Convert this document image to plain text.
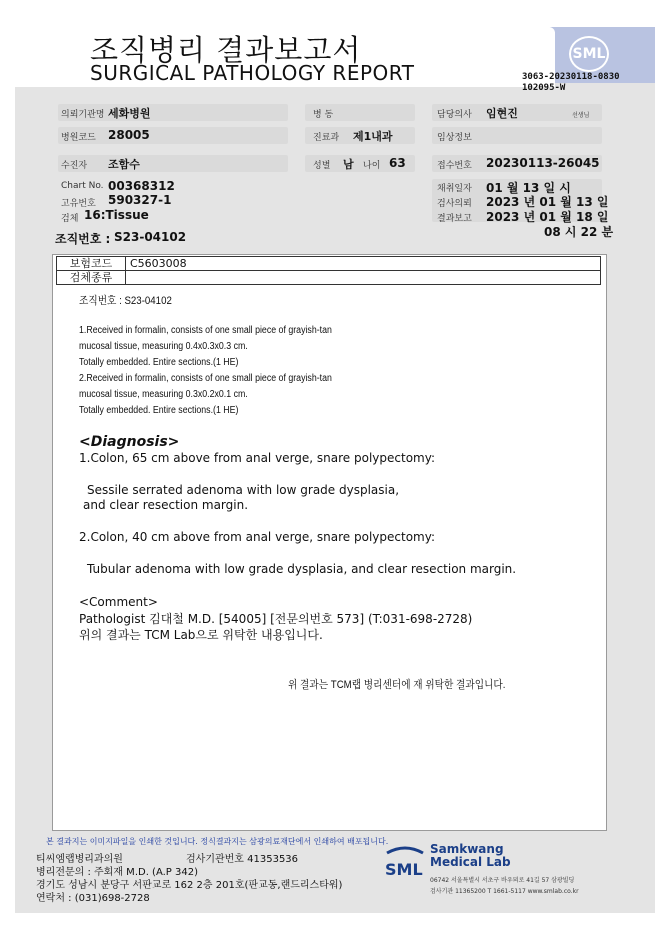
SML
조직병리 결과보고서
SURGICAL PATHOLOGY REPORT	3063-20230118-0830
102095-W
의뢰기관명 세화병원	병 동	담당의사 임현진	선생님
병원코드 28005	진료과 제1내과	임상정보
수진자 조함수	성별 남 나이 63	접수번호 20230113-26045
Chart No. 00368312
고유번호 590327-1
검체 16:Tissue
채취일자 01 월 13 일 시
검사의뢰 2023 년 01 월 13 일
결과보고 2023 년 01 월 18 일
08 시 22 분
조직번호 : S23-04102
보험코드	C5603008
검체종류	
조직번호 : S23-04102
1.Received in formalin, consists of one small piece of grayish-tan
mucosal tissue, measuring 0.4x0.3x0.3 cm.
Totally embedded. Entire sections.(1 HE)
2.Received in formalin, consists of one small piece of grayish-tan
mucosal tissue, measuring 0.3x0.2x0.1 cm.
Totally embedded. Entire sections.(1 HE)
<Diagnosis>
1.Colon, 65 cm above from anal verge, snare polypectomy:
Sessile serrated adenoma with low grade dysplasia,
and clear resection margin.
2.Colon, 40 cm above from anal verge, snare polypectomy:
Tubular adenoma with low grade dysplasia, and clear resection margin.
<Comment>
Pathologist 김대철 M.D. [54005] [전문의번호 573] (T:031-698-2728)
위의 결과는 TCM Lab으로 위탁한 내용입니다.
위 결과는 TCM랩 병리센터에 재 위탁한 결과입니다.
본 결과지는 이미지파일을 인쇄한 것입니다. 정식결과지는 삼광의료재단에서 인쇄하여 배포됩니다.
티씨엠랩병리과의원	검사기관번호 41353536
병리전문의 : 주회재 M.D. (A.P 342)
경기도 성남시 분당구 서판교로 162 2층 201호(판교동,랜드리스타워)
연락처 : (031)698-2728
SML
Samkwang
Medical Lab
06742 서울특별시 서초구 바우뫼로 41길 57 삼광빌딩
검사기관 11365200 T 1661-5117 www.smlab.co.kr
